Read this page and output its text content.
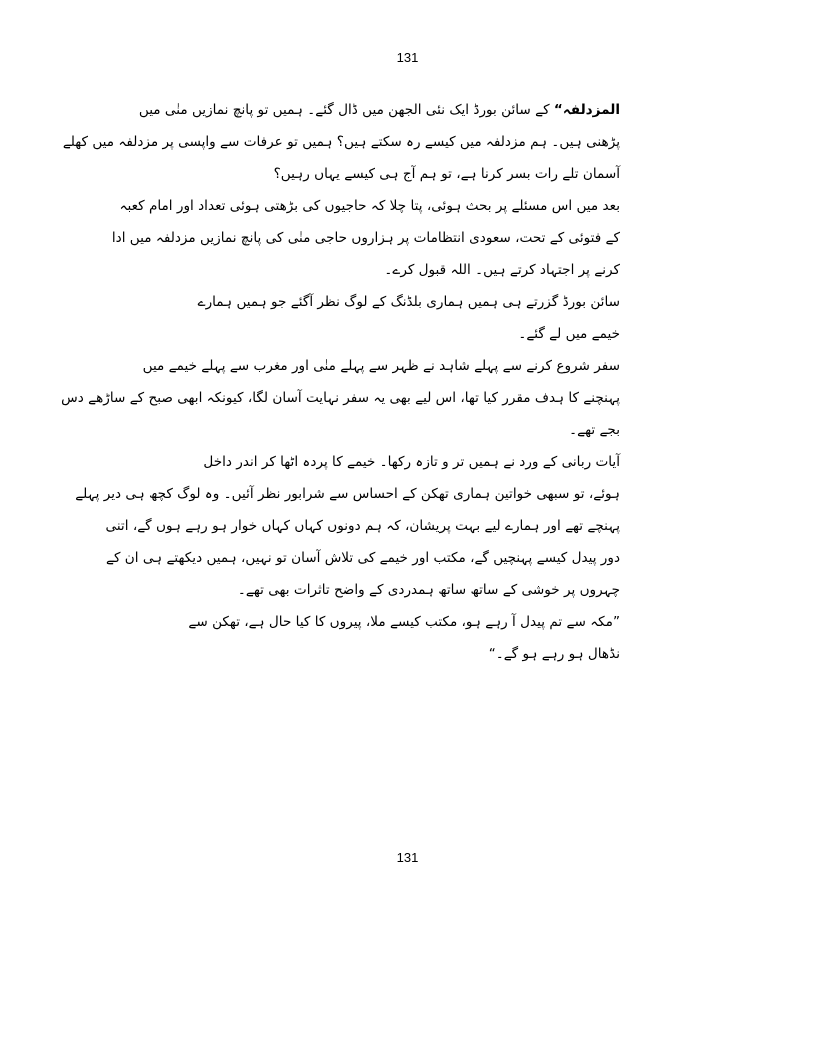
131

المزدلفہ“ کے سائن بورڈ ایک نئی الجھن میں ڈال گئے۔ ہمیں تو پانچ نمازیں منٰی میں
پڑھنی ہیں۔ ہم مزدلفہ میں کیسے رہ سکتے ہیں؟ ہمیں تو عرفات سے واپسی پر مزدلفہ میں کھلے
آسمان تلے رات بسر کرنا ہے، تو ہم آج ہی کیسے یہاں رہیں؟

بعد میں اس مسئلے پر بحث ہوئی، پتا چلا کہ حاجیوں کی بڑھتی ہوئی تعداد اور امام کعبہ
کے فتوئی کے تحت، سعودی انتظامات پر ہزاروں حاجی منٰی کی پانچ نمازیں مزدلفہ میں ادا
کرنے پر اجتہاد کرتے ہیں۔ اللہ قبول کرے۔

سائن بورڈ گزرتے ہی ہمیں ہماری بلڈنگ کے لوگ نظر آگئے جو ہمیں ہمارے
خیمے میں لے گئے۔

سفر شروع کرنے سے پہلے شاہد نے ظہر سے پہلے منٰی اور مغرب سے پہلے خیمے میں
پہنچنے کا ہدف مقرر کیا تھا، اس لیے بھی یہ سفر نہایت آسان لگا، کیونکہ ابھی صبح کے ساڑھے دس
بجے تھے۔

آیات ربانی کے ورد نے ہمیں تر و تازہ رکھا۔ خیمے کا پردہ اٹھا کر اندر داخل
ہوئے، تو سبھی خواتین ہماری تھکن کے احساس سے شرابور نظر آئیں۔ وہ لوگ کچھ ہی دیر پہلے
پہنچے تھے اور ہمارے لیے بہت پریشان، کہ ہم دونوں کہاں کہاں خوار ہو رہے ہوں گے، اتنی
دور پیدل کیسے پہنچیں گے، مکتب اور خیمے کی تلاش آسان تو نہیں، ہمیں دیکھتے ہی ان کے
چہروں پر خوشی کے ساتھ ساتھ ہمدردی کے واضح تاثرات بھی تھے۔

”مکہ سے تم پیدل آ رہے ہو، مکتب کیسے ملا، پیروں کا کیا حال ہے، تھکن سے
نڈھال ہو رہے ہو گے۔“

131
